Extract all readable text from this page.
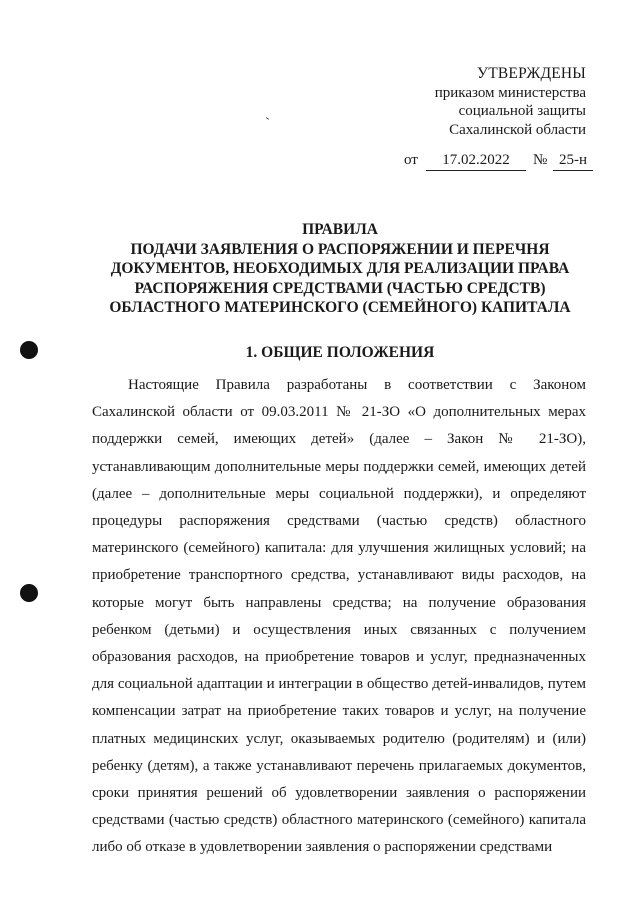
УТВЕРЖДЕНЫ
приказом министерства
социальной защиты
Сахалинской области
от	17.02.2022	№ 25-н
ПРАВИЛА
ПОДАЧИ ЗАЯВЛЕНИЯ О РАСПОРЯЖЕНИИ И ПЕРЕЧНЯ
ДОКУМЕНТОВ, НЕОБХОДИМЫХ ДЛЯ РЕАЛИЗАЦИИ ПРАВА
РАСПОРЯЖЕНИЯ СРЕДСТВАМИ (ЧАСТЬЮ СРЕДСТВ)
ОБЛАСТНОГО МАТЕРИНСКОГО (СЕМЕЙНОГО) КАПИТАЛА
1. ОБЩИЕ ПОЛОЖЕНИЯ

Настоящие Правила разработаны в соответствии с Законом Сахалинской области от 09.03.2011 № 21-ЗО «О дополнительных мерах поддержки семей, имеющих детей» (далее – Закон № 21-ЗО), устанавливающим дополнительные меры поддержки семей, имеющих детей (далее – дополнительные меры социальной поддержки), и определяют процедуры распоряжения средствами (частью средств) областного материнского (семейного) капитала: для улучшения жилищных условий; на приобретение транспортного средства, устанавливают виды расходов, на которые могут быть направлены средства; на получение образования ребенком (детьми) и осуществления иных связанных с получением образования расходов, на приобретение товаров и услуг, предназначенных для социальной адаптации и интеграции в общество детей-инвалидов, путем компенсации затрат на приобретение таких товаров и услуг, на получение платных медицинских услуг, оказываемых родителю (родителям) и (или) ребенку (детям), а также устанавливают перечень прилагаемых документов, сроки принятия решений об удовлетворении заявления о распоряжении средствами (частью средств) областного материнского (семейного) капитала либо об отказе в удовлетворении заявления о распоряжении средствами
